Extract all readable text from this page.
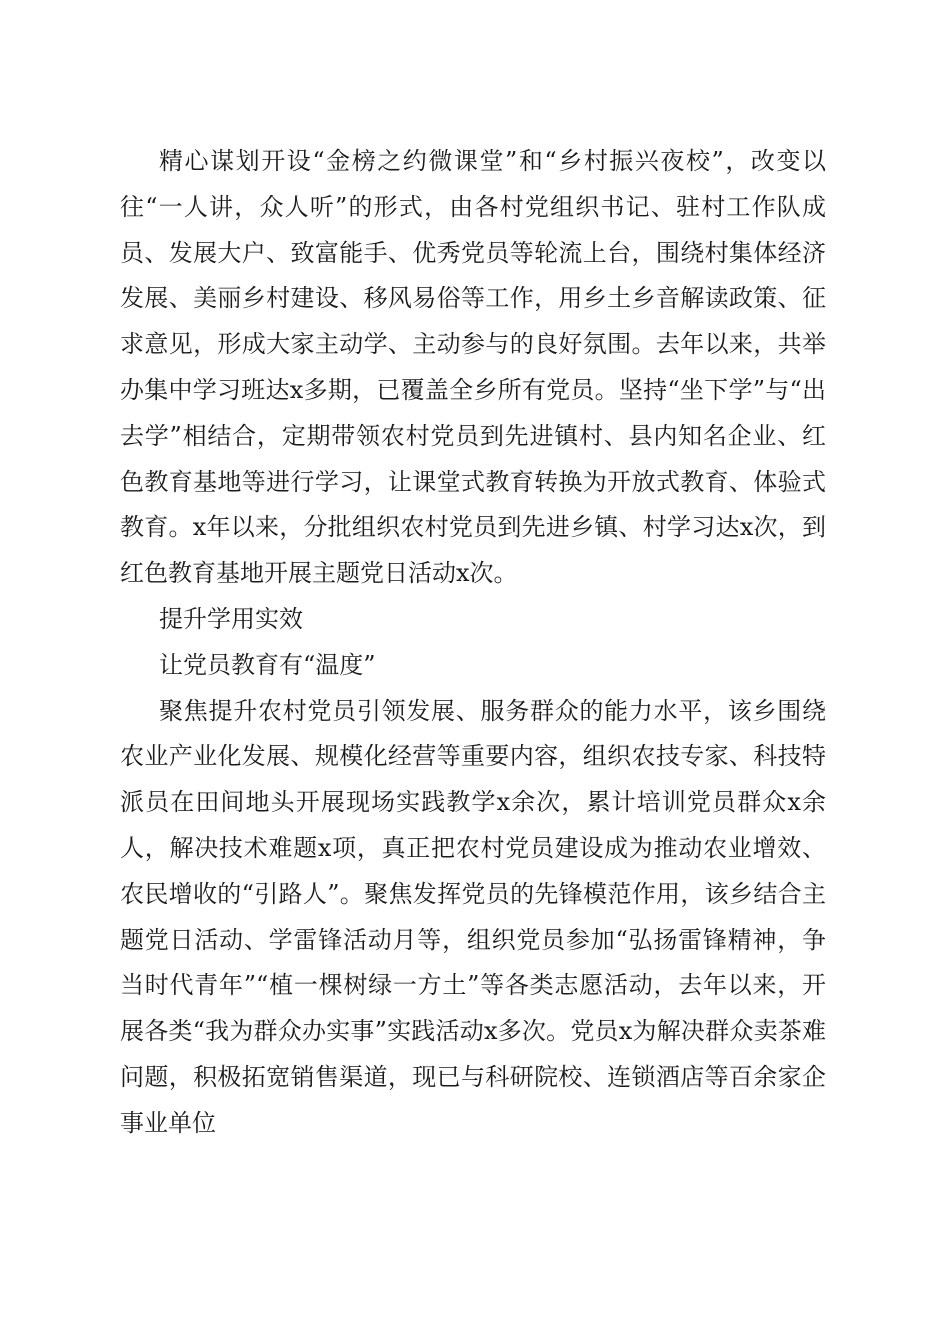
精心谋划开设“金榜之约微课堂”和“乡村振兴夜校”，改变以往“一人讲，众人听”的形式，由各村党组织书记、驻村工作队成员、发展大户、致富能手、优秀党员等轮流上台，围绕村集体经济发展、美丽乡村建设、移风易俗等工作，用乡土乡音解读政策、征求意见，形成大家主动学、主动参与的良好氛围。去年以来，共举办集中学习班达x多期，已覆盖全乡所有党员。坚持“坐下学”与“出去学”相结合，定期带领农村党员到先进镇村、县内知名企业、红色教育基地等进行学习，让课堂式教育转换为开放式教育、体验式教育。x年以来，分批组织农村党员到先进乡镇、村学习达x次，到红色教育基地开展主题党日活动x次。

提升学用实效

让党员教育有“温度”

聚焦提升农村党员引领发展、服务群众的能力水平，该乡围绕农业产业化发展、规模化经营等重要内容，组织农技专家、科技特派员在田间地头开展现场实践教学x余次，累计培训党员群众x余人，解决技术难题x项，真正把农村党员建设成为推动农业增效、农民增收的“引路人”。聚焦发挥党员的先锋模范作用，该乡结合主题党日活动、学雷锋活动月等，组织党员参加“弘扬雷锋精神，争当时代青年”“植一棵树绿一方土”等各类志愿活动，去年以来，开展各类“我为群众办实事”实践活动x多次。党员x为解决群众卖茶难问题，积极拓宽销售渠道，现已与科研院校、连锁酒店等百余家企事业单位
